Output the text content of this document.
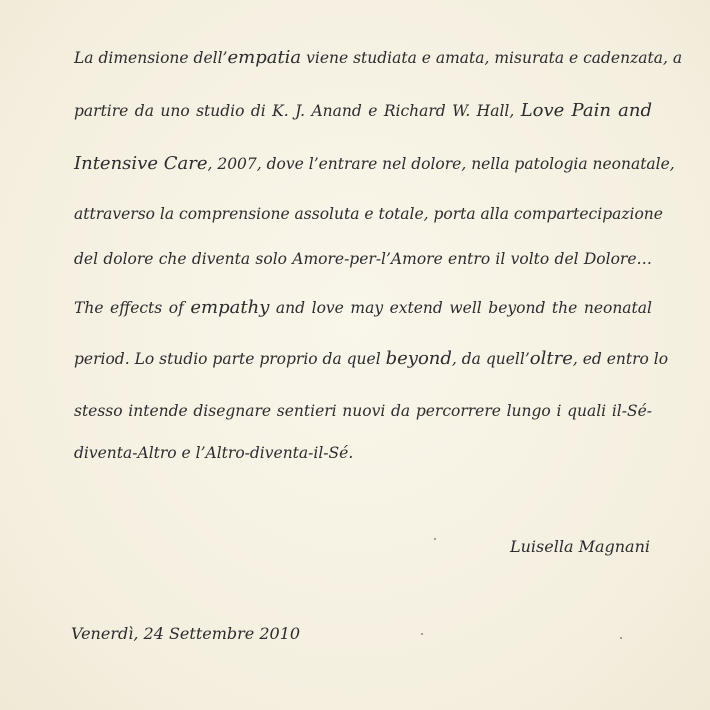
La dimensione dell’empatia viene studiata e amata, misurata e cadenzata, a
partire da uno studio di K. J. Anand e Richard W. Hall, Love Pain and
Intensive Care, 2007, dove l’entrare nel dolore, nella patologia neonatale,
attraverso la comprensione assoluta e totale, porta alla compartecipazione
del dolore che diventa solo Amore-per-l’Amore entro il volto del Dolore…
The effects of empathy and love may extend well beyond the neonatal
period. Lo studio parte proprio da quel beyond, da quell’oltre, ed entro lo
stesso intende disegnare sentieri nuovi da percorrere lungo i quali il-Sé-
diventa-Altro e l’Altro-diventa-il-Sé.
Luisella Magnani
Venerdì, 24 Settembre 2010
